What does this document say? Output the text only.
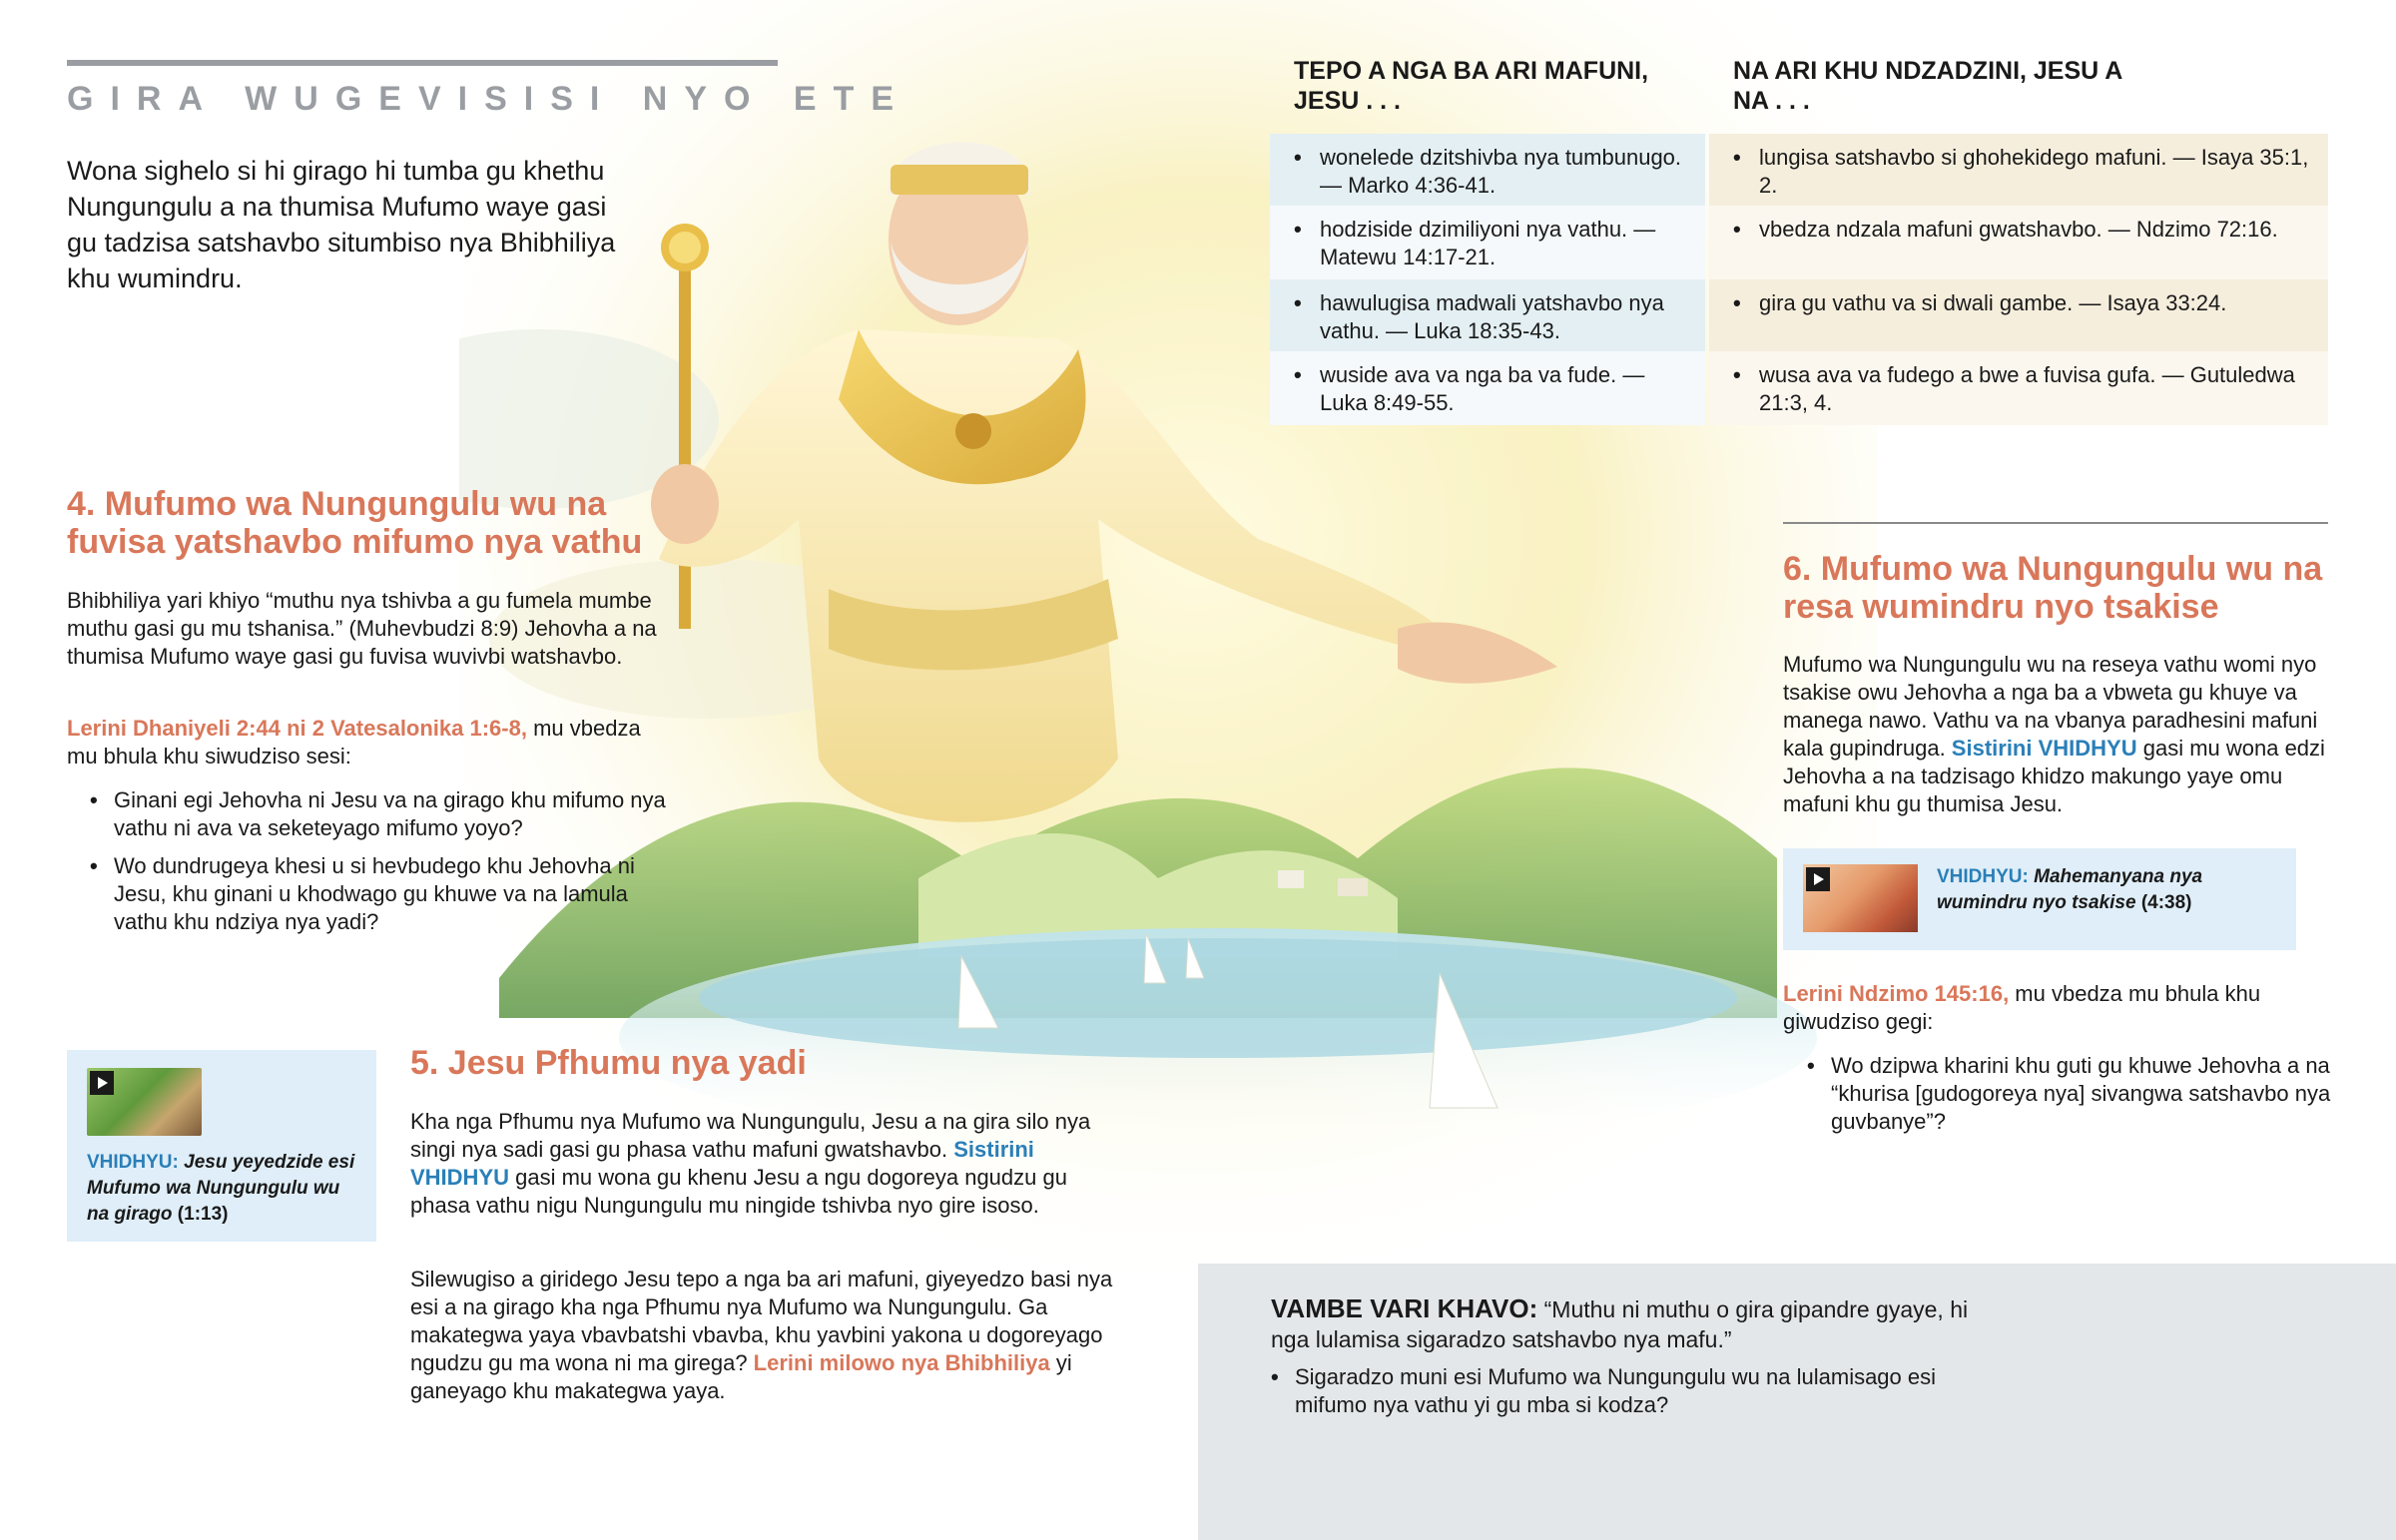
GIRA WUGEVISISI NYO ETE
Wona sighelo si hi girago hi tumba gu khethu Nungungulu a na thumisa Mufumo waye gasi gu tadzisa satshavbo situmbiso nya Bhibhiliya khu wumindru.
4. Mufumo wa Nungungulu wu na fuvisa yatshavbo mifumo nya vathu
Bhibhiliya yari khiyo “muthu nya tshivba a gu fumela mumbe muthu gasi gu mu tshanisa.” (Muhevbudzi 8:9) Jehovha a na thumisa Mufumo waye gasi gu fuvisa wuvivbi watshavbo.
Lerini Dhaniyeli 2:44 ni 2 Vatesalonika 1:6-8, mu vbedza mu bhula khu siwudziso sesi:
• Ginani egi Jehovha ni Jesu va na girago khu mifumo nya vathu ni ava va seketeyago mifumo yoyo?
• Wo dundrugeya khesi u si hevbudego khu Jehovha ni Jesu, khu ginani u khodwago gu khuwe va na lamula vathu khu ndziya nya yadi?
VHIDHYU: Jesu yeyedzide esi Mufumo wa Nungungulu wu na girago (1:13)
5. Jesu Pfhumu nya yadi
Kha nga Pfhumu nya Mufumo wa Nungungulu, Jesu a na gira silo nya singi nya sadi gasi gu phasa vathu mafuni gwatshavbo. Sistirini VHIDHYU gasi mu wona gu khenu Jesu a ngu dogoreya ngudzu gu phasa vathu nigu Nungungulu mu ningide tshivba nyo gire isoso.
Silewugiso a giridego Jesu tepo a nga ba ari mafuni, giyeyedzo basi nya esi a na girago kha nga Pfhumu nya Mufumo wa Nungungulu. Ga makategwa yaya vbavbatshi vbavba, khu yavbini yakona u dogoreyago ngudzu gu ma wona ni ma girega? Lerini milowo nya Bhibhiliya yi ganeyago khu makategwa yaya.
TEPO A NGA BA ARI MAFUNI, JESU . . .
NA ARI KHU NDZADZINI, JESU A NA . . .
• wonelede dzitshivba nya tumbunugo. — Marko 4:36-41.
• hodziside dzimiliyoni nya vathu. — Matewu 14:17-21.
• hawulugisa madwali yatshavbo nya vathu. — Luka 18:35-43.
• wuside ava va nga ba va fude. — Luka 8:49-55.
• lungisa satshavbo si ghohekidego mafuni. — Isaya 35:1, 2.
• vbedza ndzala mafuni gwatshavbo. — Ndzimo 72:16.
• gira gu vathu va si dwali gambe. — Isaya 33:24.
• wusa ava va fudego a bwe a fuvisa gufa. — Gutuledwa 21:3, 4.
6. Mufumo wa Nungungulu wu na resa wumindru nyo tsakise
Mufumo wa Nungungulu wu na reseya vathu womi nyo tsakise owu Jehovha a nga ba a vbweta gu khuye va manega nawo. Vathu va na vbanya paradhesini mafuni kala gupindruga. Sistirini VHIDHYU gasi mu wona edzi Jehovha a na tadzisago khidzo makungo yaye omu mafuni khu gu thumisa Jesu.
VHIDHYU: Mahemanyana nya wumindru nyo tsakise (4:38)
Lerini Ndzimo 145:16, mu vbedza mu bhula khu giwudziso gegi:
• Wo dzipwa kharini khu guti gu khuwe Jehovha a na “khurisa [gudogoreya nya] sivangwa satshavbo nya guvbanye”?
VAMBE VARI KHAVO: “Muthu ni muthu o gira gipandre gyaye, hi nga lulamisa sigaradzo satshavbo nya mafu.”
• Sigaradzo muni esi Mufumo wa Nungungulu wu na lulamisago esi mifumo nya vathu yi gu mba si kodza?
